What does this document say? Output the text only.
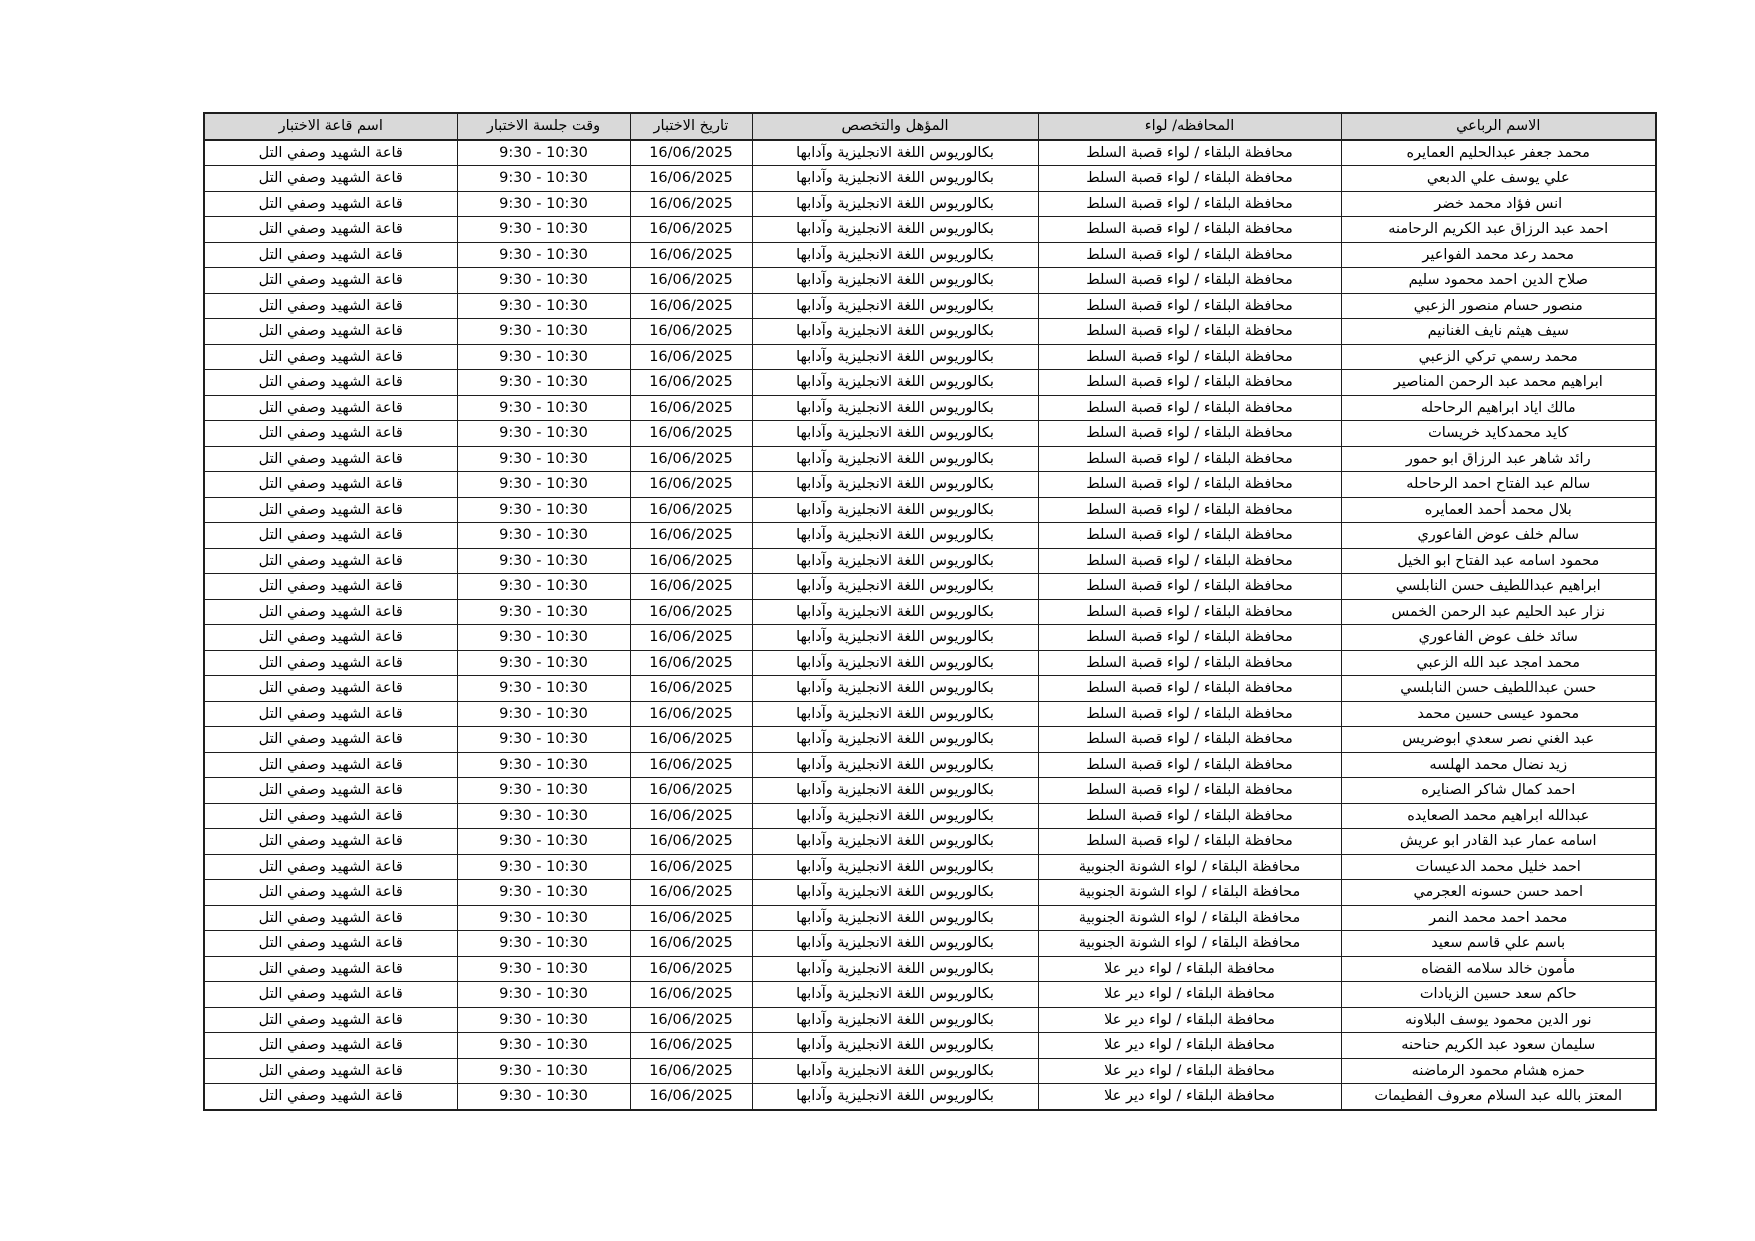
الاسم الرباعي	المحافظه/ لواء	المؤهل والتخصص	تاريخ الاختبار	وقت جلسة الاختبار	اسم قاعة الاختبار
محمد جعفر عبدالحليم العمايره	محافظة البلقاء / لواء قصبة السلط	بكالوريوس اللغة الانجليزية وآدابها	16/06/2025	9:30 - 10:30	قاعة الشهيد وصفي التل
علي يوسف علي الدبعي	محافظة البلقاء / لواء قصبة السلط	بكالوريوس اللغة الانجليزية وآدابها	16/06/2025	9:30 - 10:30	قاعة الشهيد وصفي التل
انس فؤاد محمد خضر	محافظة البلقاء / لواء قصبة السلط	بكالوريوس اللغة الانجليزية وآدابها	16/06/2025	9:30 - 10:30	قاعة الشهيد وصفي التل
احمد عبد الرزاق عبد الكريم الرحامنه	محافظة البلقاء / لواء قصبة السلط	بكالوريوس اللغة الانجليزية وآدابها	16/06/2025	9:30 - 10:30	قاعة الشهيد وصفي التل
محمد رعد محمد الفواعير	محافظة البلقاء / لواء قصبة السلط	بكالوريوس اللغة الانجليزية وآدابها	16/06/2025	9:30 - 10:30	قاعة الشهيد وصفي التل
صلاح الدين احمد محمود سليم	محافظة البلقاء / لواء قصبة السلط	بكالوريوس اللغة الانجليزية وآدابها	16/06/2025	9:30 - 10:30	قاعة الشهيد وصفي التل
منصور حسام منصور الزعبي	محافظة البلقاء / لواء قصبة السلط	بكالوريوس اللغة الانجليزية وآدابها	16/06/2025	9:30 - 10:30	قاعة الشهيد وصفي التل
سيف هيثم نايف الغنانيم	محافظة البلقاء / لواء قصبة السلط	بكالوريوس اللغة الانجليزية وآدابها	16/06/2025	9:30 - 10:30	قاعة الشهيد وصفي التل
محمد رسمي تركي الزعبي	محافظة البلقاء / لواء قصبة السلط	بكالوريوس اللغة الانجليزية وآدابها	16/06/2025	9:30 - 10:30	قاعة الشهيد وصفي التل
ابراهيم محمد عبد الرحمن المناصير	محافظة البلقاء / لواء قصبة السلط	بكالوريوس اللغة الانجليزية وآدابها	16/06/2025	9:30 - 10:30	قاعة الشهيد وصفي التل
مالك اياد ابراهيم الرحاحله	محافظة البلقاء / لواء قصبة السلط	بكالوريوس اللغة الانجليزية وآدابها	16/06/2025	9:30 - 10:30	قاعة الشهيد وصفي التل
كايد محمدكايد خريسات	محافظة البلقاء / لواء قصبة السلط	بكالوريوس اللغة الانجليزية وآدابها	16/06/2025	9:30 - 10:30	قاعة الشهيد وصفي التل
رائد شاهر عبد الرزاق ابو حمور	محافظة البلقاء / لواء قصبة السلط	بكالوريوس اللغة الانجليزية وآدابها	16/06/2025	9:30 - 10:30	قاعة الشهيد وصفي التل
سالم عبد الفتاح احمد الرحاحله	محافظة البلقاء / لواء قصبة السلط	بكالوريوس اللغة الانجليزية وآدابها	16/06/2025	9:30 - 10:30	قاعة الشهيد وصفي التل
بلال محمد أحمد العمايره	محافظة البلقاء / لواء قصبة السلط	بكالوريوس اللغة الانجليزية وآدابها	16/06/2025	9:30 - 10:30	قاعة الشهيد وصفي التل
سالم خلف عوض الفاعوري	محافظة البلقاء / لواء قصبة السلط	بكالوريوس اللغة الانجليزية وآدابها	16/06/2025	9:30 - 10:30	قاعة الشهيد وصفي التل
محمود اسامه عبد الفتاح ابو الخيل	محافظة البلقاء / لواء قصبة السلط	بكالوريوس اللغة الانجليزية وآدابها	16/06/2025	9:30 - 10:30	قاعة الشهيد وصفي التل
ابراهيم عبداللطيف حسن النابلسي	محافظة البلقاء / لواء قصبة السلط	بكالوريوس اللغة الانجليزية وآدابها	16/06/2025	9:30 - 10:30	قاعة الشهيد وصفي التل
نزار عبد الحليم عبد الرحمن الخمس	محافظة البلقاء / لواء قصبة السلط	بكالوريوس اللغة الانجليزية وآدابها	16/06/2025	9:30 - 10:30	قاعة الشهيد وصفي التل
سائد خلف عوض الفاعوري	محافظة البلقاء / لواء قصبة السلط	بكالوريوس اللغة الانجليزية وآدابها	16/06/2025	9:30 - 10:30	قاعة الشهيد وصفي التل
محمد امجد عبد الله الزعبي	محافظة البلقاء / لواء قصبة السلط	بكالوريوس اللغة الانجليزية وآدابها	16/06/2025	9:30 - 10:30	قاعة الشهيد وصفي التل
حسن عبداللطيف حسن النابلسي	محافظة البلقاء / لواء قصبة السلط	بكالوريوس اللغة الانجليزية وآدابها	16/06/2025	9:30 - 10:30	قاعة الشهيد وصفي التل
محمود عيسى حسين محمد	محافظة البلقاء / لواء قصبة السلط	بكالوريوس اللغة الانجليزية وآدابها	16/06/2025	9:30 - 10:30	قاعة الشهيد وصفي التل
عبد الغني نصر سعدي ابوضريس	محافظة البلقاء / لواء قصبة السلط	بكالوريوس اللغة الانجليزية وآدابها	16/06/2025	9:30 - 10:30	قاعة الشهيد وصفي التل
زيد نضال محمد الهلسه	محافظة البلقاء / لواء قصبة السلط	بكالوريوس اللغة الانجليزية وآدابها	16/06/2025	9:30 - 10:30	قاعة الشهيد وصفي التل
احمد كمال شاكر الصنايره	محافظة البلقاء / لواء قصبة السلط	بكالوريوس اللغة الانجليزية وآدابها	16/06/2025	9:30 - 10:30	قاعة الشهيد وصفي التل
عبدالله ابراهيم محمد الصعايده	محافظة البلقاء / لواء قصبة السلط	بكالوريوس اللغة الانجليزية وآدابها	16/06/2025	9:30 - 10:30	قاعة الشهيد وصفي التل
اسامه عمار عبد القادر ابو عريش	محافظة البلقاء / لواء قصبة السلط	بكالوريوس اللغة الانجليزية وآدابها	16/06/2025	9:30 - 10:30	قاعة الشهيد وصفي التل
احمد خليل محمد الدعيسات	محافظة البلقاء / لواء الشونة الجنوبية	بكالوريوس اللغة الانجليزية وآدابها	16/06/2025	9:30 - 10:30	قاعة الشهيد وصفي التل
احمد حسن حسونه العجرمي	محافظة البلقاء / لواء الشونة الجنوبية	بكالوريوس اللغة الانجليزية وآدابها	16/06/2025	9:30 - 10:30	قاعة الشهيد وصفي التل
محمد احمد محمد النمر	محافظة البلقاء / لواء الشونة الجنوبية	بكالوريوس اللغة الانجليزية وآدابها	16/06/2025	9:30 - 10:30	قاعة الشهيد وصفي التل
باسم علي قاسم سعيد	محافظة البلقاء / لواء الشونة الجنوبية	بكالوريوس اللغة الانجليزية وآدابها	16/06/2025	9:30 - 10:30	قاعة الشهيد وصفي التل
مأمون خالد سلامه القضاه	محافظة البلقاء / لواء دير علا	بكالوريوس اللغة الانجليزية وآدابها	16/06/2025	9:30 - 10:30	قاعة الشهيد وصفي التل
حاكم سعد حسين الزيادات	محافظة البلقاء / لواء دير علا	بكالوريوس اللغة الانجليزية وآدابها	16/06/2025	9:30 - 10:30	قاعة الشهيد وصفي التل
نور الدين محمود يوسف البلاونه	محافظة البلقاء / لواء دير علا	بكالوريوس اللغة الانجليزية وآدابها	16/06/2025	9:30 - 10:30	قاعة الشهيد وصفي التل
سليمان سعود عبد الكريم حناحنه	محافظة البلقاء / لواء دير علا	بكالوريوس اللغة الانجليزية وآدابها	16/06/2025	9:30 - 10:30	قاعة الشهيد وصفي التل
حمزه هشام محمود الرماضنه	محافظة البلقاء / لواء دير علا	بكالوريوس اللغة الانجليزية وآدابها	16/06/2025	9:30 - 10:30	قاعة الشهيد وصفي التل
المعتز بالله عبد السلام معروف الفطيمات	محافظة البلقاء / لواء دير علا	بكالوريوس اللغة الانجليزية وآدابها	16/06/2025	9:30 - 10:30	قاعة الشهيد وصفي التل
